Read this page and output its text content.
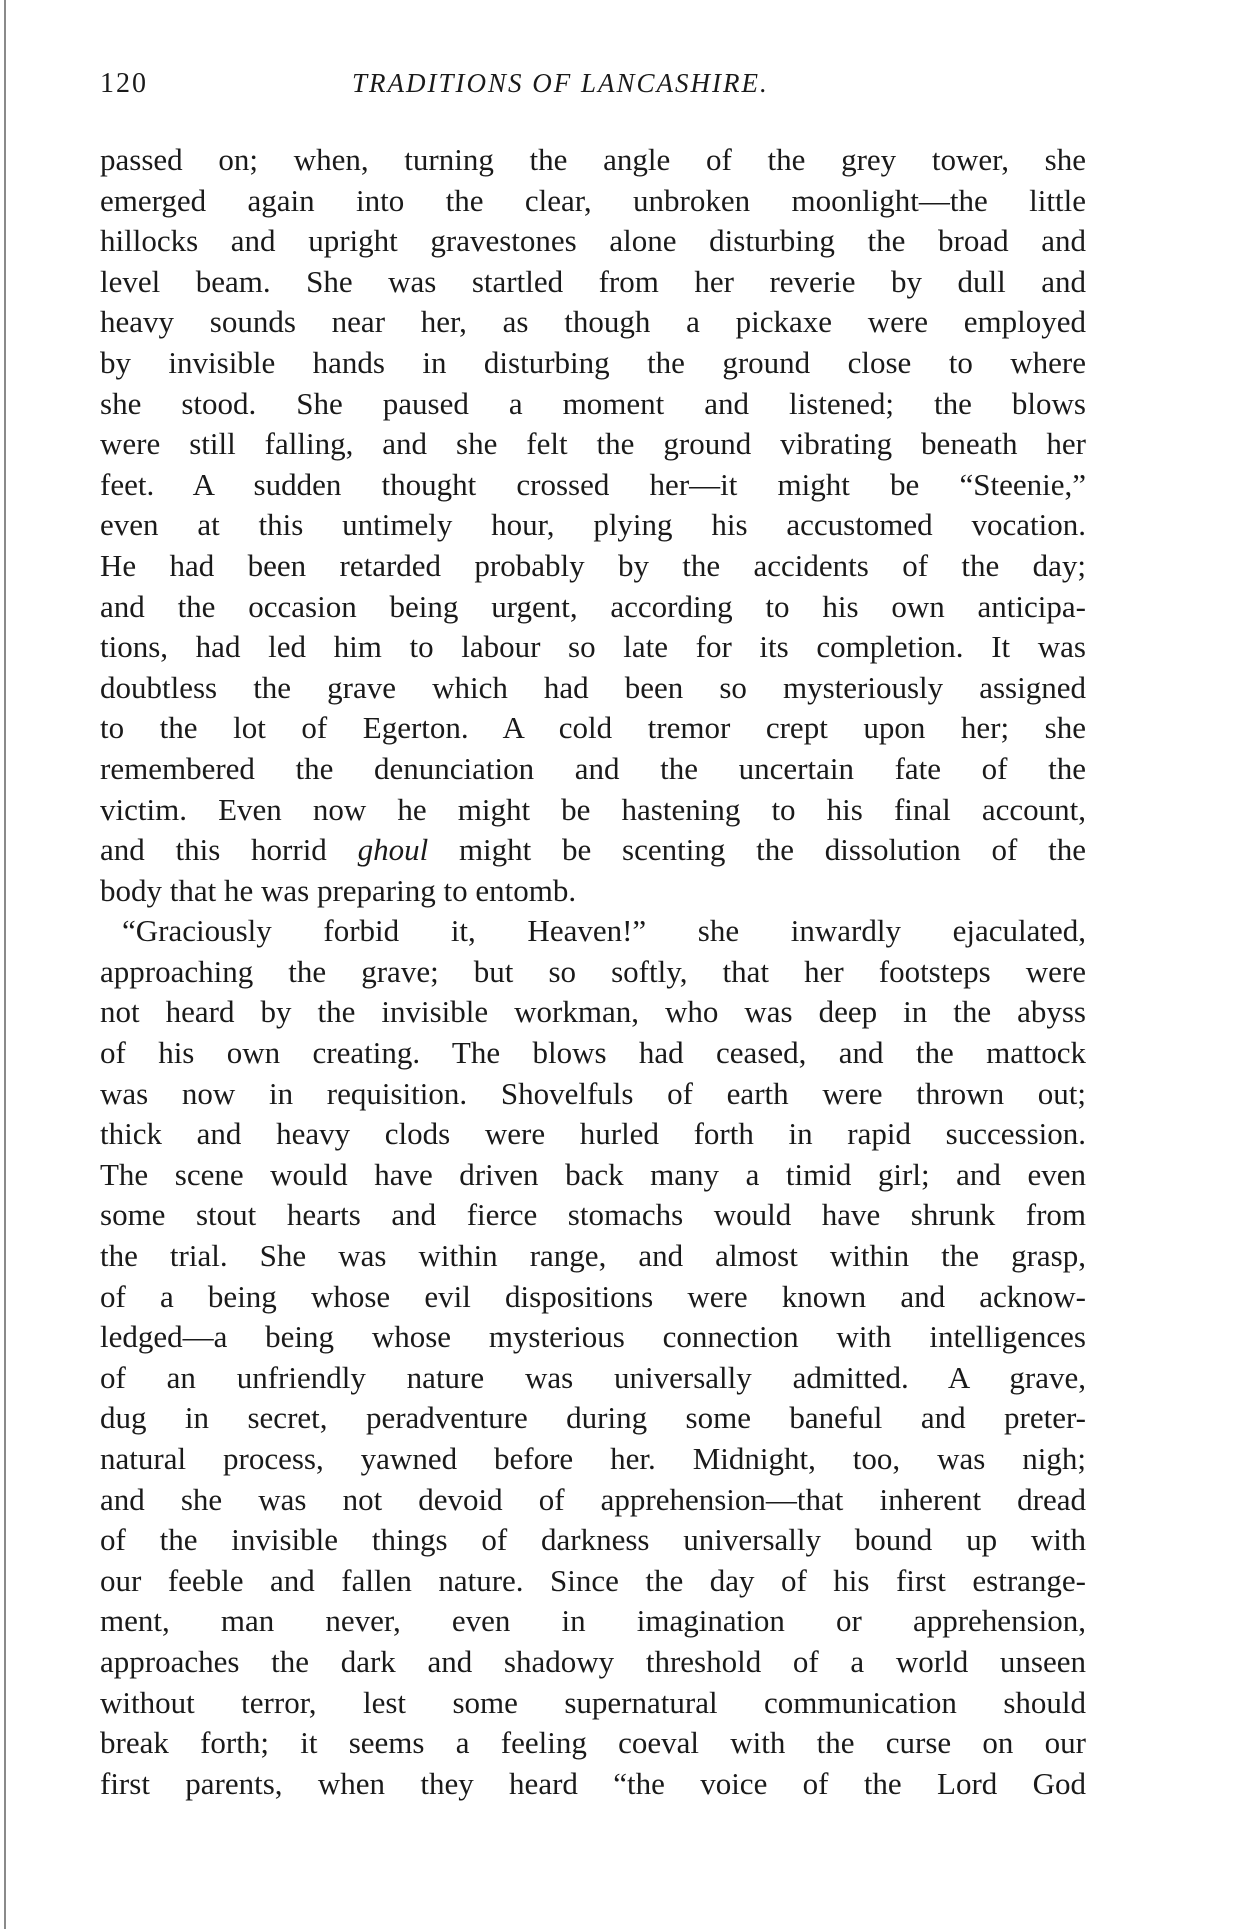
120	TRADITIONS OF LANCASHIRE.
passed on; when, turning the angle of the grey tower, she
emerged again into the clear, unbroken moonlight—the little
hillocks and upright gravestones alone disturbing the broad and
level beam. She was startled from her reverie by dull and
heavy sounds near her, as though a pickaxe were employed
by invisible hands in disturbing the ground close to where
she stood. She paused a moment and listened; the blows
were still falling, and she felt the ground vibrating beneath her
feet. A sudden thought crossed her—it might be “Steenie,”
even at this untimely hour, plying his accustomed vocation.
He had been retarded probably by the accidents of the day;
and the occasion being urgent, according to his own anticipa-
tions, had led him to labour so late for its completion. It was
doubtless the grave which had been so mysteriously assigned
to the lot of Egerton. A cold tremor crept upon her; she
remembered the denunciation and the uncertain fate of the
victim. Even now he might be hastening to his final account,
and this horrid ghoul might be scenting the dissolution of the
body that he was preparing to entomb.
“Graciously forbid it, Heaven!” she inwardly ejaculated,
approaching the grave; but so softly, that her footsteps were
not heard by the invisible workman, who was deep in the abyss
of his own creating. The blows had ceased, and the mattock
was now in requisition. Shovelfuls of earth were thrown out;
thick and heavy clods were hurled forth in rapid succession.
The scene would have driven back many a timid girl; and even
some stout hearts and fierce stomachs would have shrunk from
the trial. She was within range, and almost within the grasp,
of a being whose evil dispositions were known and acknow-
ledged—a being whose mysterious connection with intelligences
of an unfriendly nature was universally admitted. A grave,
dug in secret, peradventure during some baneful and preter-
natural process, yawned before her. Midnight, too, was nigh;
and she was not devoid of apprehension—that inherent dread
of the invisible things of darkness universally bound up with
our feeble and fallen nature. Since the day of his first estrange-
ment, man never, even in imagination or apprehension,
approaches the dark and shadowy threshold of a world unseen
without terror, lest some supernatural communication should
break forth; it seems a feeling coeval with the curse on our
first parents, when they heard “the voice of the Lord God
